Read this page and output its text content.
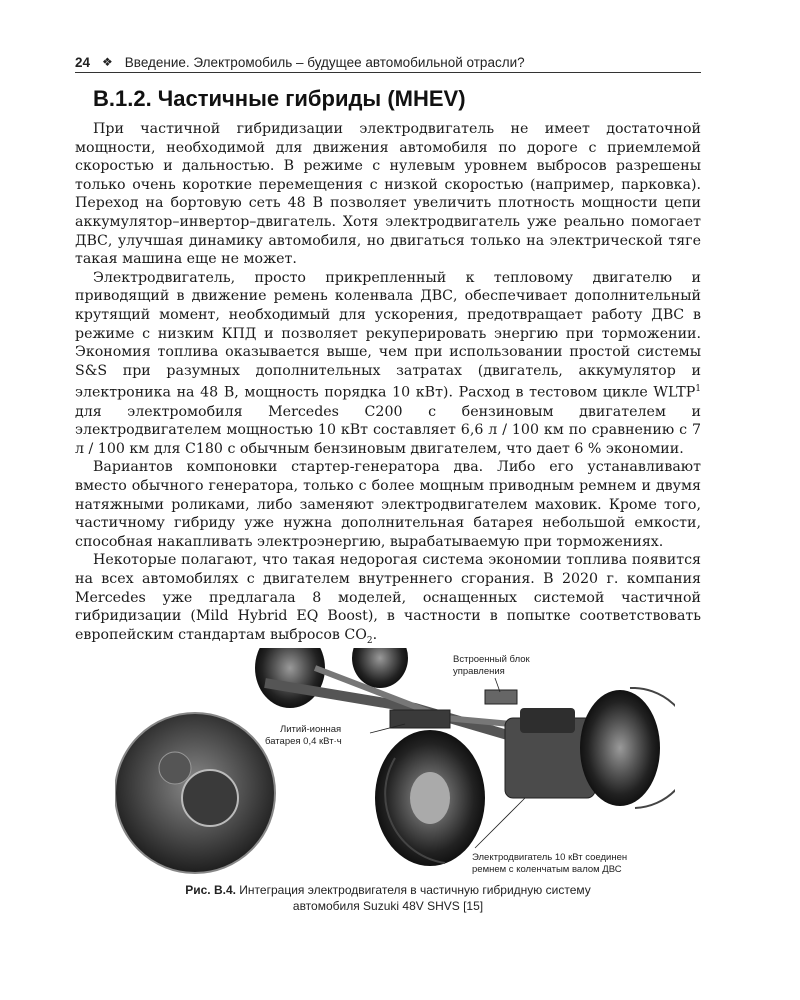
24 ❖ Введение. Электромобиль – будущее автомобильной отрасли?
В.1.2. Частичные гибриды (MHEV)

При частичной гибридизации электродвигатель не имеет достаточной мощности, необходимой для движения автомобиля по дороге с приемлемой скоростью и дальностью. В режиме с нулевым уровнем выбросов разрешены только очень короткие перемещения с низкой скоростью (например, парковка). Переход на бортовую сеть 48 В позволяет увеличить плотность мощности цепи аккумулятор–инвертор–двигатель. Хотя электродвигатель уже реально помогает ДВС, улучшая динамику автомобиля, но двигаться только на электрической тяге такая машина еще не может.

Электродвигатель, просто прикрепленный к тепловому двигателю и приводящий в движение ремень коленвала ДВС, обеспечивает дополнительный крутящий момент, необходимый для ускорения, предотвращает работу ДВС в режиме с низким КПД и позволяет рекуперировать энергию при торможении. Экономия топлива оказывается выше, чем при использовании простой системы S&S при разумных дополнительных затратах (двигатель, аккумулятор и электроника на 48 В, мощность порядка 10 кВт). Расход в тестовом цикле WLTP$^1$ для электромобиля Mercedes C200 с бензиновым двигателем и электродвигателем мощностью 10 кВт составляет 6,6 л / 100 км по сравнению с 7 л / 100 км для C180 с обычным бензиновым двигателем, что дает 6 % экономии.

Вариантов компоновки стартер-генератора два. Либо его устанавливают вместо обычного генератора, только с более мощным приводным ремнем и двумя натяжными роликами, либо заменяют электродвигателем маховик. Кроме того, частичному гибриду уже нужна дополнительная батарея небольшой емкости, способная накапливать электроэнергию, вырабатываемую при торможениях.

Некоторые полагают, что такая недорогая система экономии топлива появится на всех автомобилях с двигателем внутреннего сгорания. В 2020 г. компания Mercedes уже предлагала 8 моделей, оснащенных системой частичной гибридизации (Mild Hybrid EQ Boost), в частности в попытке соответствовать европейским стандартам выбросов $CO_2$.

Встроенный блок
управления
Литий-ионная
батарея 0,4 кВт·ч
Электродвигатель 10 кВт соединен
ремнем с коленчатым валом ДВС
Рис. В.4. Интеграция электродвигателя в частичную гибридную систему
автомобиля Suzuki 48V SHVS [15]
